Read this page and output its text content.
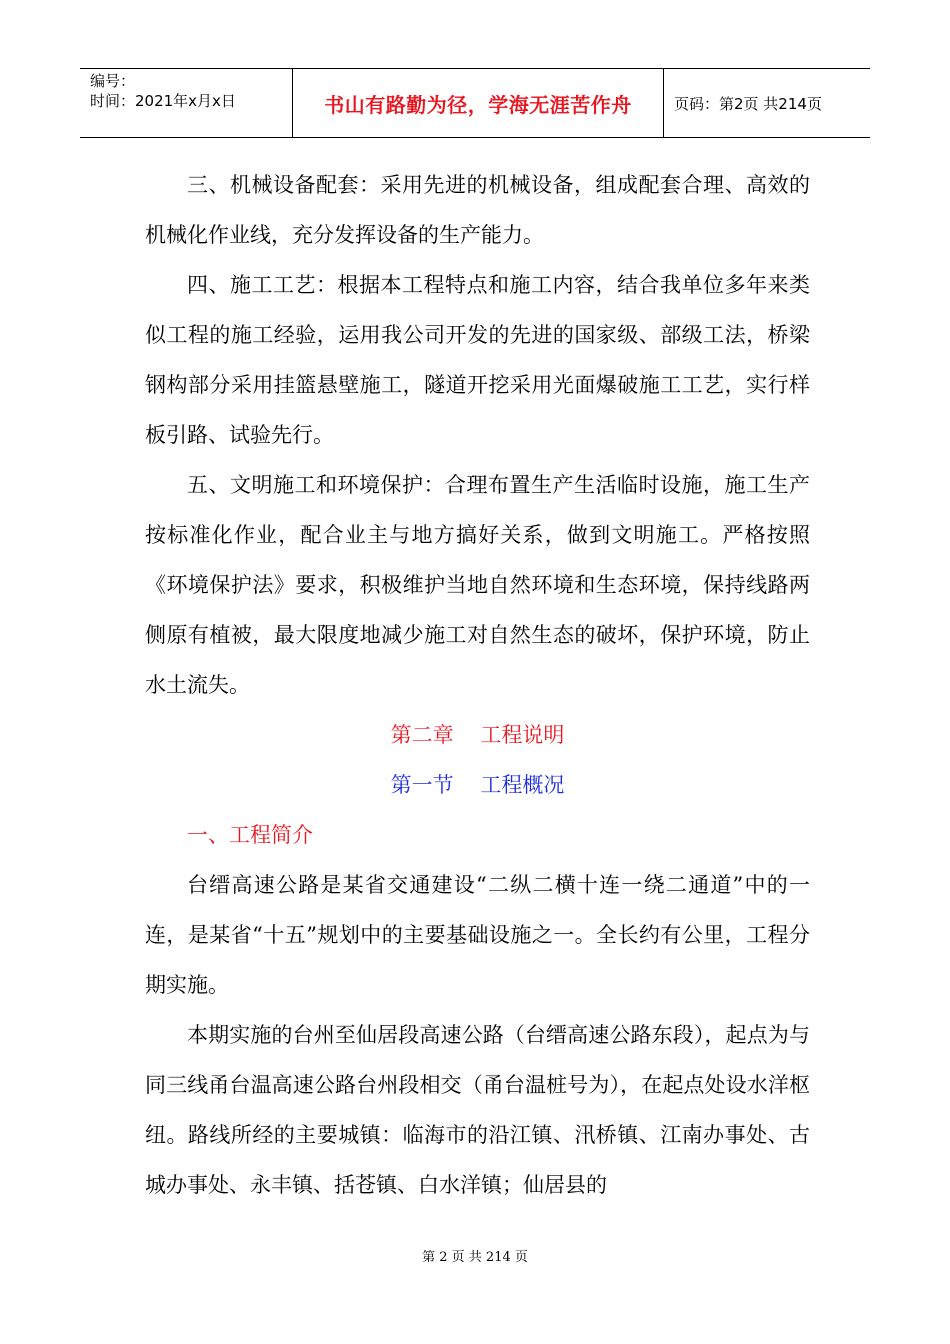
编号：
时间：2021年x月x日	书山有路勤为径，学海无涯苦作舟	页码：第2页 共214页

三、机械设备配套：采用先进的机械设备，组成配套合理、高效的机械化作业线，充分发挥设备的生产能力。

四、施工工艺：根据本工程特点和施工内容，结合我单位多年来类似工程的施工经验，运用我公司开发的先进的国家级、部级工法，桥梁钢构部分采用挂篮悬壁施工，隧道开挖采用光面爆破施工工艺，实行样板引路、试验先行。

五、文明施工和环境保护：合理布置生产生活临时设施，施工生产按标准化作业，配合业主与地方搞好关系，做到文明施工。严格按照《环境保护法》要求，积极维护当地自然环境和生态环境，保持线路两侧原有植被，最大限度地减少施工对自然生态的破坏，保护环境，防止水土流失。

第二章    工程说明

第一节    工程概况

一、工程简介

台缙高速公路是某省交通建设“二纵二横十连一绕二通道”中的一连，是某省“十五”规划中的主要基础设施之一。全长约有公里，工程分期实施。

本期实施的台州至仙居段高速公路（台缙高速公路东段），起点为与同三线甬台温高速公路台州段相交（甬台温桩号为），在起点处设水洋枢纽。路线所经的主要城镇：临海市的沿江镇、汛桥镇、江南办事处、古城办事处、永丰镇、括苍镇、白水洋镇；仙居县的

第 2 页 共 214 页
